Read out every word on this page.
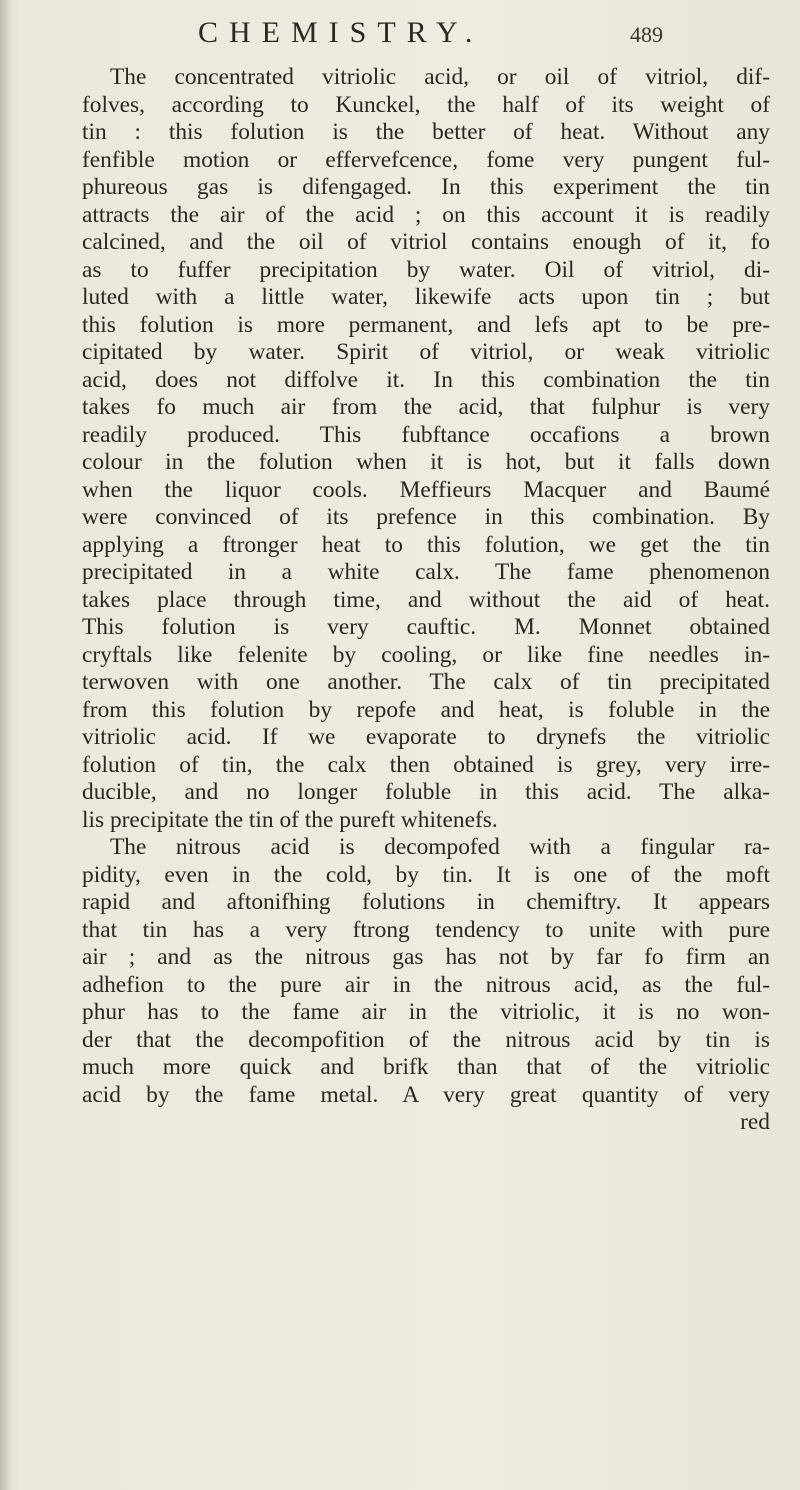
CHEMISTRY.	489
The concentrated vitriolic acid, or oil of vitriol, dif-
folves, according to Kunckel, the half of its weight of
tin : this folution is the better of heat. Without any
fenfible motion or effervefcence, fome very pungent ful-
phureous gas is difengaged. In this experiment the tin
attracts the air of the acid ; on this account it is readily
calcined, and the oil of vitriol contains enough of it, fo
as to fuffer precipitation by water. Oil of vitriol, di-
luted with a little water, likewife acts upon tin ; but
this folution is more permanent, and lefs apt to be pre-
cipitated by water. Spirit of vitriol, or weak vitriolic
acid, does not diffolve it. In this combination the tin
takes fo much air from the acid, that fulphur is very
readily produced. This fubftance occafions a brown
colour in the folution when it is hot, but it falls down
when the liquor cools. Meffieurs Macquer and Baumé
were convinced of its prefence in this combination. By
applying a ftronger heat to this folution, we get the tin
precipitated in a white calx. The fame phenomenon
takes place through time, and without the aid of heat.
This folution is very cauftic. M. Monnet obtained
cryftals like felenite by cooling, or like fine needles in-
terwoven with one another. The calx of tin precipitated
from this folution by repofe and heat, is foluble in the
vitriolic acid. If we evaporate to drynefs the vitriolic
folution of tin, the calx then obtained is grey, very irre-
ducible, and no longer foluble in this acid. The alka-
lis precipitate the tin of the pureft whitenefs.
The nitrous acid is decompofed with a fingular ra-
pidity, even in the cold, by tin. It is one of the moft
rapid and aftonifhing folutions in chemiftry. It appears
that tin has a very ftrong tendency to unite with pure
air ; and as the nitrous gas has not by far fo firm an
adhefion to the pure air in the nitrous acid, as the ful-
phur has to the fame air in the vitriolic, it is no won-
der that the decompofition of the nitrous acid by tin is
much more quick and brifk than that of the vitriolic
acid by the fame metal. A very great quantity of very
red
